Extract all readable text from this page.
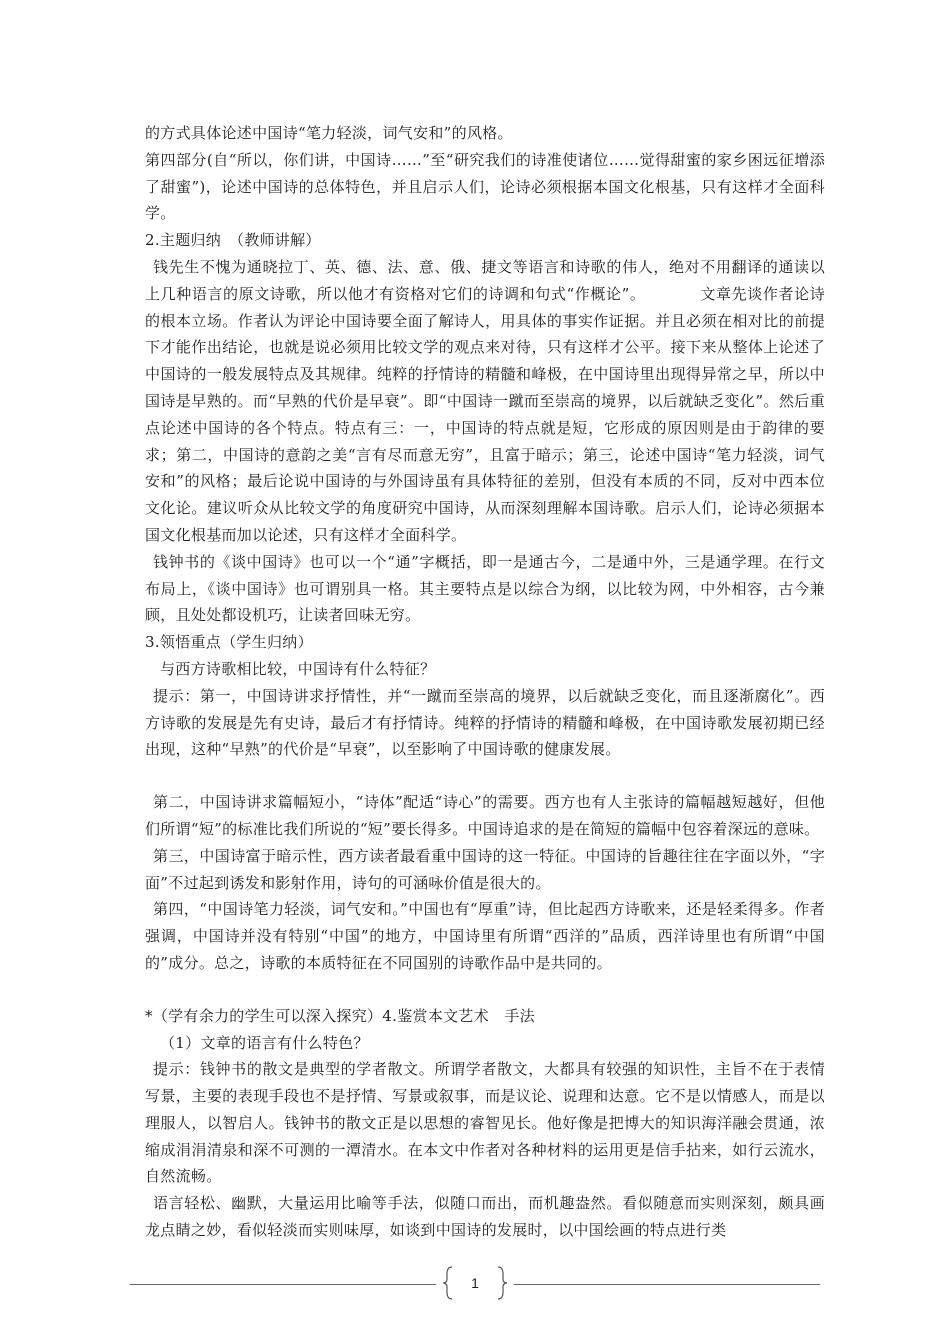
的方式具体论述中国诗“笔力轻淡，词气安和”的风格。

第四部分(自“所以，你们讲，中国诗……”至“研究我们的诗准使诸位……觉得甜蜜的家乡困远征增添了甜蜜”)，论述中国诗的总体特色，并且启示人们，论诗必须根据本国文化根基，只有这样才全面科学。

2.主题归纳　（教师讲解）

钱先生不愧为通晓拉丁、英、德、法、意、俄、捷文等语言和诗歌的伟人，绝对不用翻译的通读以上几种语言的原文诗歌，所以他才有资格对它们的诗调和句式“作概论”。　　　　文章先谈作者论诗的根本立场。作者认为评论中国诗要全面了解诗人，用具体的事实作证据。并且必须在相对比的前提下才能作出结论，也就是说必须用比较文学的观点来对待，只有这样才公平。接下来从整体上论述了中国诗的一般发展特点及其规律。纯粹的抒情诗的精髓和峰极，在中国诗里出现得异常之早，所以中国诗是早熟的。而“早熟的代价是早衰”。即“中国诗一蹴而至崇高的境界，以后就缺乏变化”。然后重点论述中国诗的各个特点。特点有三：一，中国诗的特点就是短，它形成的原因则是由于韵律的要求；第二，中国诗的意韵之美“言有尽而意无穷”，且富于暗示；第三，论述中国诗“笔力轻淡，词气安和”的风格；最后论说中国诗的与外国诗虽有具体特征的差别，但没有本质的不同，反对中西本位文化论。建议听众从比较文学的角度研究中国诗，从而深刻理解本国诗歌。启示人们，论诗必须据本国文化根基而加以论述，只有这样才全面科学。

钱钟书的《谈中国诗》也可以一个“通”字概括，即一是通古今，二是通中外，三是通学理。在行文布局上，《谈中国诗》也可谓别具一格。其主要特点是以综合为纲，以比较为网，中外相容，古今兼顾，且处处都设机巧，让读者回味无穷。

3.领悟重点（学生归纳）

与西方诗歌相比较，中国诗有什么特征？

提示：第一，中国诗讲求抒情性，并“一蹴而至崇高的境界，以后就缺乏变化，而且逐渐腐化”。西方诗歌的发展是先有史诗，最后才有抒情诗。纯粹的抒情诗的精髓和峰极，在中国诗歌发展初期已经出现，这种“早熟”的代价是“早衰”，以至影响了中国诗歌的健康发展。

第二，中国诗讲求篇幅短小，“诗体”配适“诗心”的需要。西方也有人主张诗的篇幅越短越好，但他们所谓“短”的标准比我们所说的“短”要长得多。中国诗追求的是在简短的篇幅中包容着深远的意味。

第三，中国诗富于暗示性，西方读者最看重中国诗的这一特征。中国诗的旨趣往往在字面以外，“字面”不过起到诱发和影射作用，诗句的可涵咏价值是很大的。

第四，“中国诗笔力轻淡，词气安和。”中国也有“厚重”诗，但比起西方诗歌来，还是轻柔得多。作者强调，中国诗并没有特别“中国”的地方，中国诗里有所谓“西洋的”品质，西洋诗里也有所谓“中国的”成分。总之，诗歌的本质特征在不同国别的诗歌作品中是共同的。

*（学有余力的学生可以深入探究）4.鉴赏本文艺术　手法

（1）文章的语言有什么特色？

提示：钱钟书的散文是典型的学者散文。所谓学者散文，大都具有较强的知识性，主旨不在于表情写景，主要的表现手段也不是抒情、写景或叙事，而是议论、说理和达意。它不是以情感人，而是以理服人，以智启人。钱钟书的散文正是以思想的睿智见长。他好像是把博大的知识海洋融会贯通，浓缩成涓涓清泉和深不可测的一潭清水。在本文中作者对各种材料的运用更是信手拈来，如行云流水，自然流畅。

语言轻松、幽默，大量运用比喻等手法，似随口而出，而机趣盎然。看似随意而实则深刻，颇具画龙点睛之妙，看似轻淡而实则味厚，如谈到中国诗的发展时，以中国绘画的特点进行类

1
